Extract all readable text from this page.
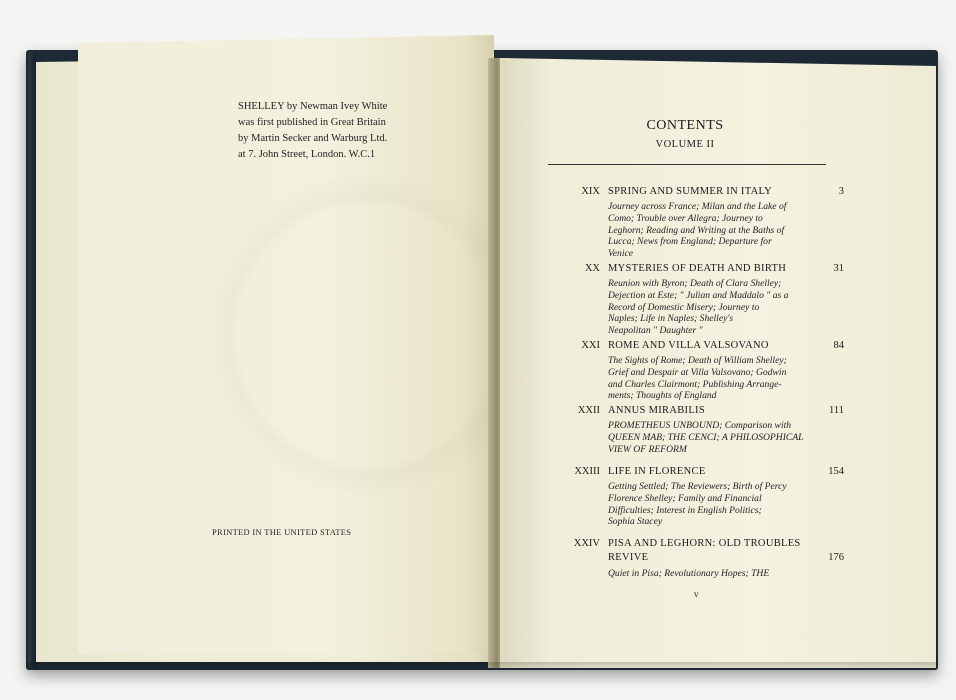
SHELLEY by Newman Ivey White
was first published in Great Britain
by Martin Secker and Warburg Ltd.
at 7. John Street, London. W.C.1
PRINTED IN THE UNITED STATES
CONTENTS
VOLUME II
XIX SPRING AND SUMMER IN ITALY	3
Journey across France; Milan and the Lake of
Como; Trouble over Allegra; Journey to
Leghorn; Reading and Writing at the Baths of
Lucca; News from England; Departure for
Venice
XX MYSTERIES OF DEATH AND BIRTH	31
Reunion with Byron; Death of Clara Shelley;
Dejection at Este; " Julian and Maddalo " as a
Record of Domestic Misery; Journey to
Naples; Life in Naples; Shelley's
Neapolitan " Daughter "
XXI ROME AND VILLA VALSOVANO	84
The Sights of Rome; Death of William Shelley;
Grief and Despair at Villa Valsovano; Godwin
and Charles Clairmont; Publishing Arrange-
ments; Thoughts of England
XXII ANNUS MIRABILIS	111
PROMETHEUS UNBOUND; Comparison with
QUEEN MAB; THE CENCI; A PHILOSOPHICAL
VIEW OF REFORM
XXIII LIFE IN FLORENCE	154
Getting Settled; The Reviewers; Birth of Percy
Florence Shelley; Family and Financial
Difficulties; Interest in English Politics;
Sophia Stacey
XXIV PISA AND LEGHORN: OLD TROUBLES
REVIVE	176
Quiet in Pisa; Revolutionary Hopes; THE
v
